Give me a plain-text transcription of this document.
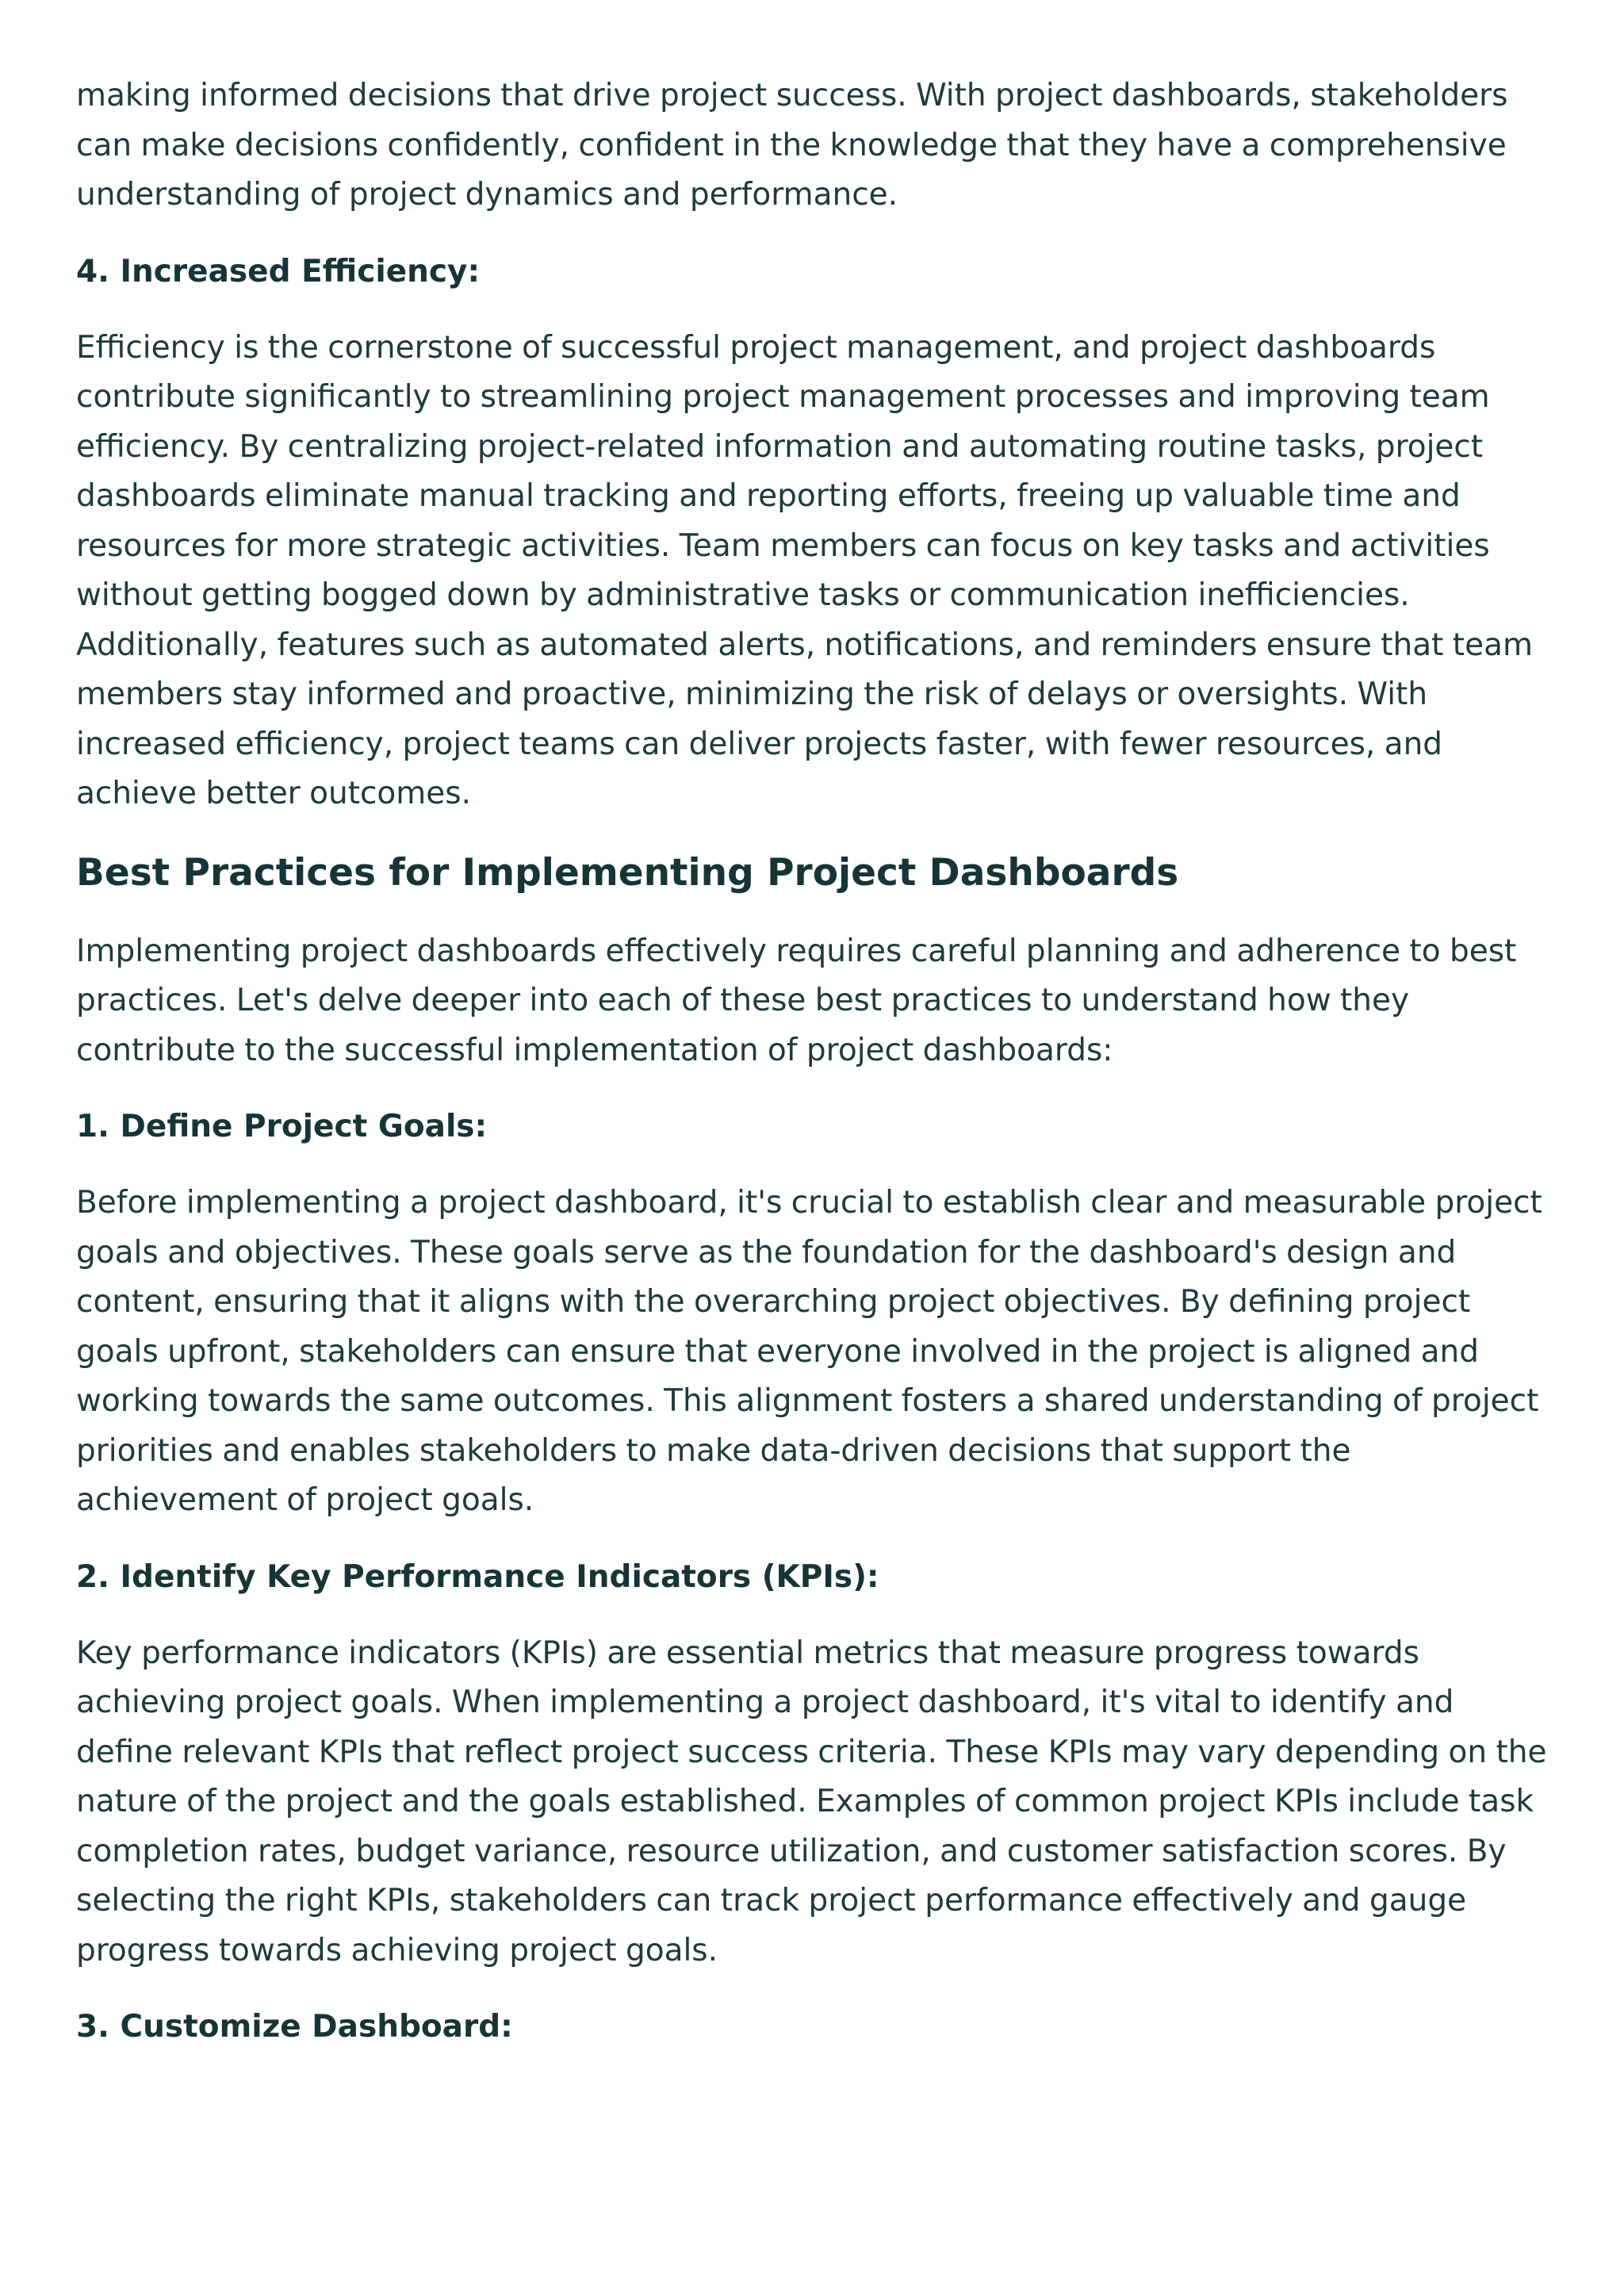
making informed decisions that drive project success. With project dashboards, stakeholders can make decisions confidently, confident in the knowledge that they have a comprehensive understanding of project dynamics and performance.

4. Increased Efficiency:

Efficiency is the cornerstone of successful project management, and project dashboards contribute significantly to streamlining project management processes and improving team efficiency. By centralizing project-related information and automating routine tasks, project dashboards eliminate manual tracking and reporting efforts, freeing up valuable time and resources for more strategic activities. Team members can focus on key tasks and activities without getting bogged down by administrative tasks or communication inefficiencies. Additionally, features such as automated alerts, notifications, and reminders ensure that team members stay informed and proactive, minimizing the risk of delays or oversights. With increased efficiency, project teams can deliver projects faster, with fewer resources, and achieve better outcomes.

Best Practices for Implementing Project Dashboards

Implementing project dashboards effectively requires careful planning and adherence to best practices. Let's delve deeper into each of these best practices to understand how they contribute to the successful implementation of project dashboards:

1. Define Project Goals:

Before implementing a project dashboard, it's crucial to establish clear and measurable project goals and objectives. These goals serve as the foundation for the dashboard's design and content, ensuring that it aligns with the overarching project objectives. By defining project goals upfront, stakeholders can ensure that everyone involved in the project is aligned and working towards the same outcomes. This alignment fosters a shared understanding of project priorities and enables stakeholders to make data-driven decisions that support the achievement of project goals.

2. Identify Key Performance Indicators (KPIs):

Key performance indicators (KPIs) are essential metrics that measure progress towards achieving project goals. When implementing a project dashboard, it's vital to identify and define relevant KPIs that reflect project success criteria. These KPIs may vary depending on the nature of the project and the goals established. Examples of common project KPIs include task completion rates, budget variance, resource utilization, and customer satisfaction scores. By selecting the right KPIs, stakeholders can track project performance effectively and gauge progress towards achieving project goals.

3. Customize Dashboard:
